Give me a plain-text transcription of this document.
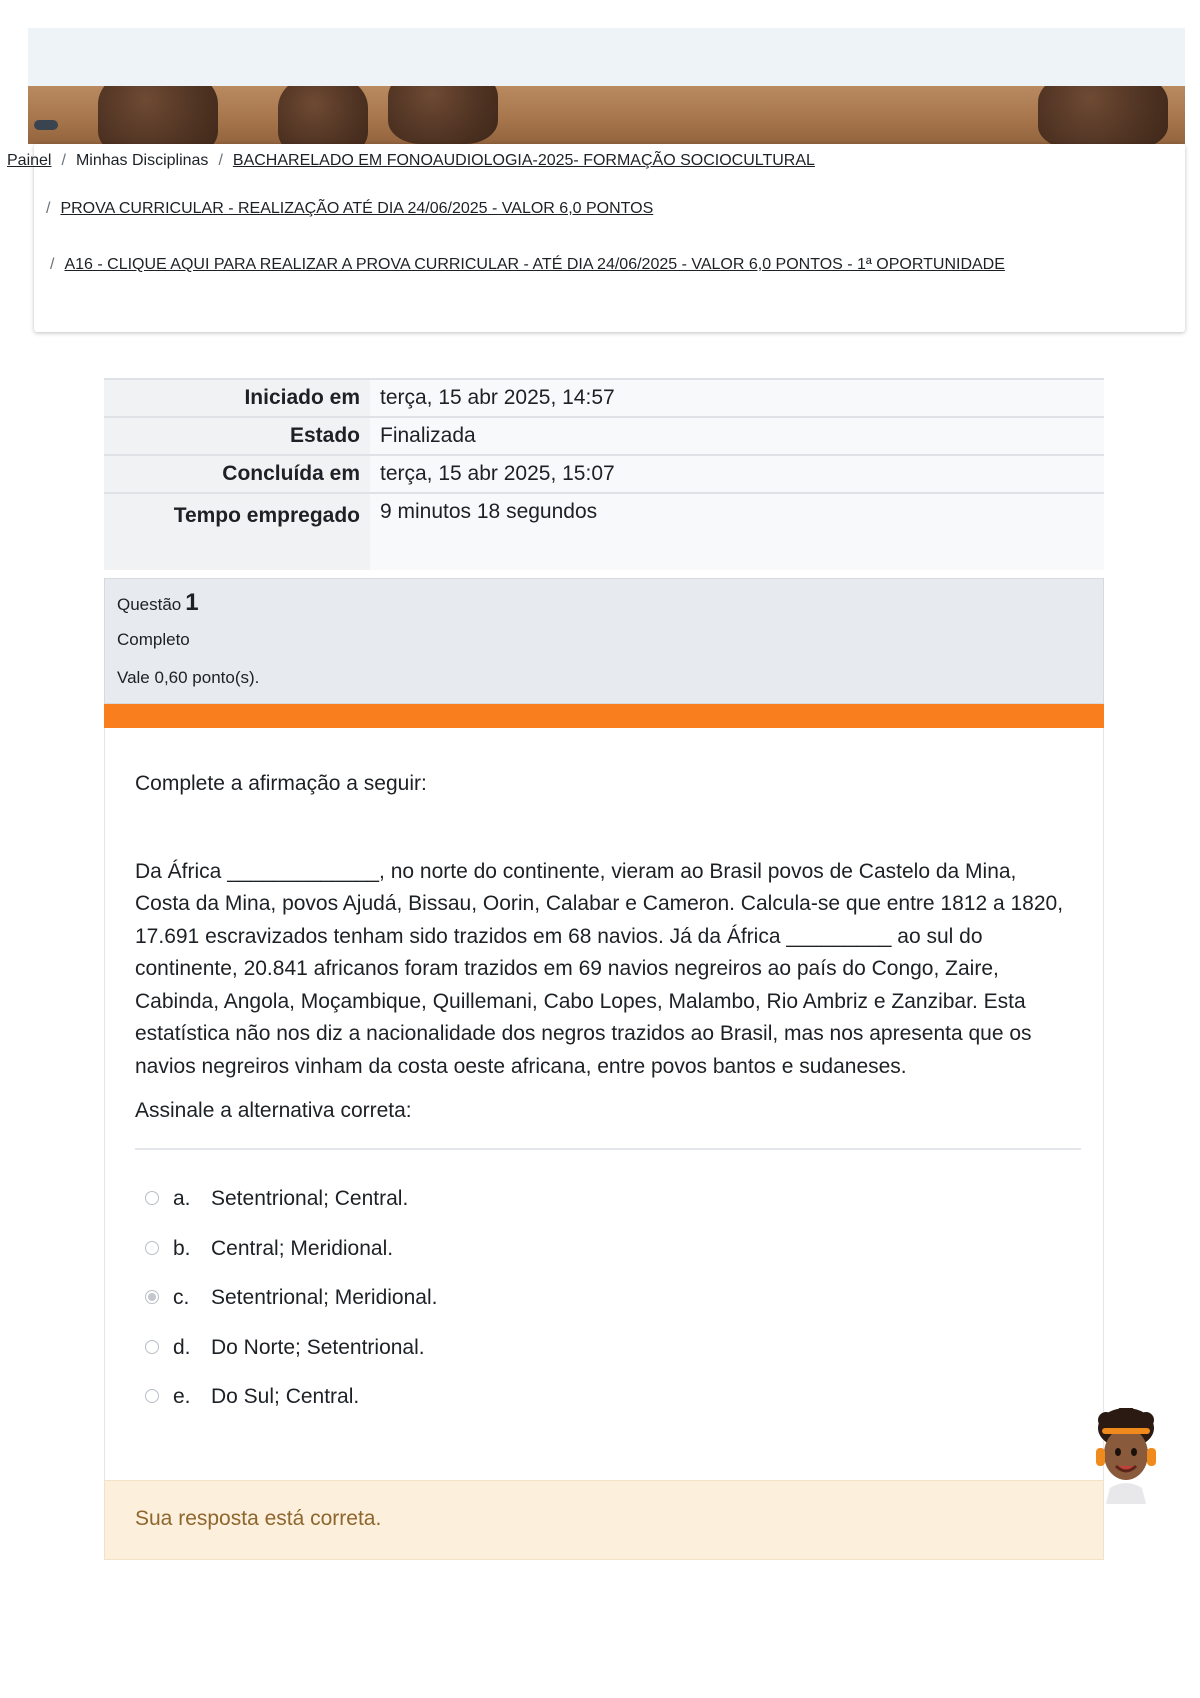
Painel / Minhas Disciplinas / BACHARELADO EM FONOAUDIOLOGIA-2025- FORMAÇÃO SOCIOCULTURAL
/ PROVA CURRICULAR - REALIZAÇÃO ATÉ DIA 24/06/2025 - VALOR 6,0 PONTOS
/ A16 - CLIQUE AQUI PARA REALIZAR A PROVA CURRICULAR - ATÉ DIA 24/06/2025 - VALOR 6,0 PONTOS - 1ª OPORTUNIDADE
Iniciado em	terça, 15 abr 2025, 14:57
Estado	Finalizada
Concluída em	terça, 15 abr 2025, 15:07
Tempo empregado	9 minutos 18 segundos
Questão 1
Completo
Vale 0,60 ponto(s).

Complete a afirmação a seguir:

Da África _____________, no norte do continente, vieram ao Brasil povos de Castelo da Mina, Costa da Mina, povos Ajudá, Bissau, Oorin, Calabar e Cameron. Calcula-se que entre 1812 a 1820, 17.691 escravizados tenham sido trazidos em 68 navios. Já da África _________ ao sul do continente, 20.841 africanos foram trazidos em 69 navios negreiros ao país do Congo, Zaire, Cabinda, Angola, Moçambique, Quillemani, Cabo Lopes, Malambo, Rio Ambriz e Zanzibar. Esta estatística não nos diz a nacionalidade dos negros trazidos ao Brasil, mas nos apresenta que os navios negreiros vinham da costa oeste africana, entre povos bantos e sudaneses.

Assinale a alternativa correta:

a. Setentrional; Central.
b. Central; Meridional.
c. Setentrional; Meridional.
d. Do Norte; Setentrional.
e. Do Sul; Central.
Sua resposta está correta.
